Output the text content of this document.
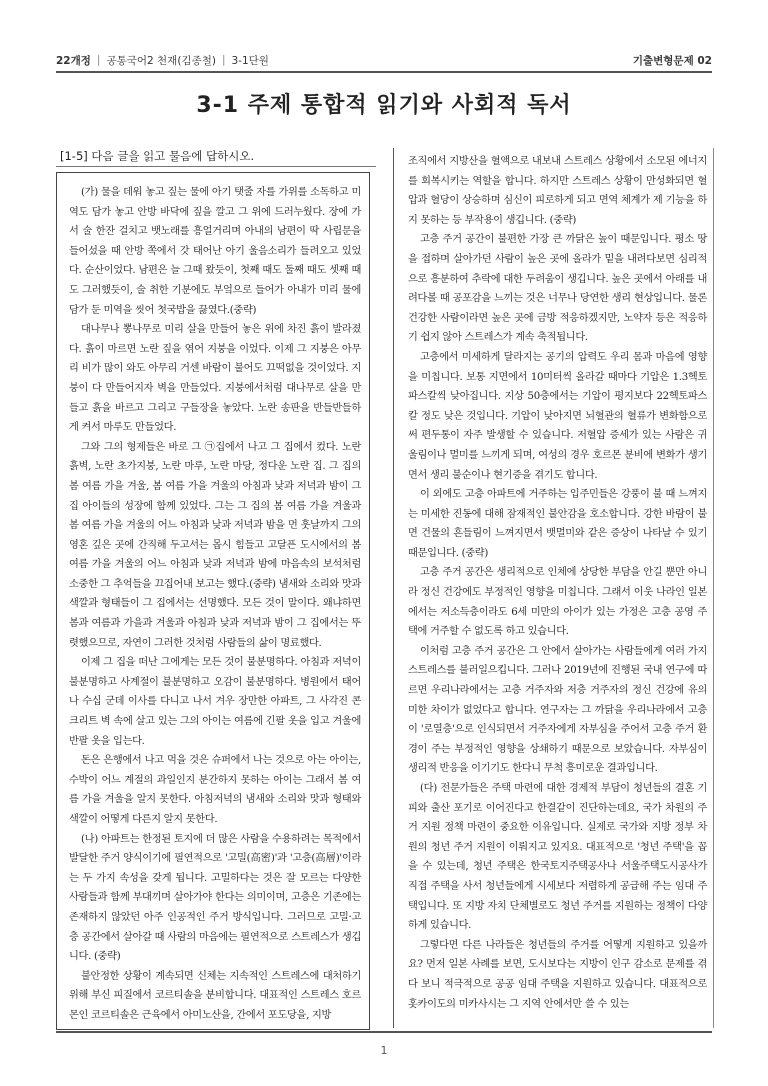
22개정 | 공통국어2 천재(김종철) | 3-1단원	기출변형문제 02
3-1 주제 통합적 읽기와 사회적 독서
[1-5] 다음 글을 읽고 물음에 답하시오.

(가) 물을 데워 놓고 짚는 물에 아기 탯줄 자를 가위를 소독하고 미역도 담가 놓고 안방 바닥에 짚을 깔고 그 위에 드러누웠다. 장에 가서 술 한잔 걸치고 뱃노래를 흥얼거리며 아내의 남편이 딱 사립문을 들어섰을 때 안방 쪽에서 갓 태어난 아기 울음소리가 들려오고 있었다. 순산이었다. 남편은 늘 그때 왔듯이, 첫째 때도 둘째 때도 셋째 때도 그러했듯이, 술 취한 기분에도 부엌으로 들어가 아내가 미리 물에 담가 둔 미역을 씻어 첫국밥을 끓였다.(중략)

대나무나 뽕나무로 미리 살을 만들어 놓은 위에 차진 흙이 발라졌다. 흙이 마르면 노란 짚을 엮어 지붕을 이었다. 이제 그 지붕은 아무리 비가 많이 와도 아무리 거센 바람이 불어도 끄떡없을 것이었다. 지붕이 다 만들어지자 벽을 만들었다. 지붕에서처럼 대나무로 살을 만들고 흙을 바르고 그리고 구들장을 놓았다. 노란 송판을 반들반들하게 켜서 마루도 만들었다.

그와 그의 형제들은 바로 그 ㉠집에서 나고 그 집에서 컸다. 노란 흙벽, 노란 초가지붕, 노란 마루, 노란 마당, 정다운 노란 집. 그 집의 봄 여름 가을 겨울, 봄 여름 가을 겨울의 아침과 낮과 저녁과 밤이 그 집 아이들의 성장에 함께 있었다. 그는 그 집의 봄 여름 가을 겨울과 봄 여름 가을 겨울의 어느 아침과 낮과 저녁과 밤을 먼 훗날까지 그의 영혼 깊은 곳에 간직해 두고서는 몹시 힘들고 고달픈 도시에서의 봄 여름 가을 겨울의 어느 아침과 낮과 저녁과 밤에 마음속의 보석처럼 소중한 그 추억들을 끄집어내 보고는 했다.(중략) 냄새와 소리와 맛과 색깔과 형태들이 그 집에서는 선명했다. 모든 것이 말이다. 왜냐하면 봄과 여름과 가을과 겨울과 아침과 낮과 저녁과 밤이 그 집에서는 뚜렷했으므로, 자연이 그러한 것처럼 사람들의 삶이 명료했다.

이제 그 집을 떠난 그에게는 모든 것이 불분명하다. 아침과 저녁이 불분명하고 사계절이 불분명하고 오감이 불분명하다. 병원에서 태어나 수십 군데 이사를 다니고 나서 겨우 장만한 아파트, 그 사각진 콘크리트 벽 속에 살고 있는 그의 아이는 여름에 긴팔 옷을 입고 겨울에 반팔 옷을 입는다.

돈은 은행에서 나고 먹을 것은 슈퍼에서 나는 것으로 아는 아이는, 수박이 어느 계절의 과일인지 분간하지 못하는 아이는 그래서 봄 여름 가을 겨울을 알지 못한다. 아침저녁의 냄새와 소리와 맛과 형태와 색깔이 어떻게 다른지 알지 못한다.

(나) 아파트는 한정된 토지에 더 많은 사람을 수용하려는 목적에서 발달한 주거 양식이기에 필연적으로 '고밀(高密)'과 '고층(高層)'이라는 두 가지 속성을 갖게 됩니다. 고밀하다는 것은 잘 모르는 다양한 사람들과 함께 부대끼며 살아가야 한다는 의미이며, 고층은 기존에는 존재하지 않았던 아주 인공적인 주거 방식입니다. 그러므로 고밀·고층 공간에서 살아갈 때 사람의 마음에는 필연적으로 스트레스가 생깁니다. (중략)

불안정한 상황이 계속되면 신체는 지속적인 스트레스에 대처하기 위해 부신 피질에서 코르티솔을 분비합니다. 대표적인 스트레스 호르몬인 코르티솔은 근육에서 아미노산을, 간에서 포도당을, 지방

조직에서 지방산을 혈액으로 내보내 스트레스 상황에서 소모된 에너지를 회복시키는 역할을 합니다. 하지만 스트레스 상황이 만성화되면 혈압과 혈당이 상승하며 심신이 피로하게 되고 면역 체계가 제 기능을 하지 못하는 등 부작용이 생깁니다. (중략)

고층 주거 공간이 불편한 가장 큰 까닭은 높이 때문입니다. 평소 땅을 접하며 살아가던 사람이 높은 곳에 올라가 밑을 내려다보면 심리적으로 흥분하여 추락에 대한 두려움이 생깁니다. 높은 곳에서 아래를 내려다볼 때 공포감을 느끼는 것은 너무나 당연한 생리 현상입니다. 물론 건강한 사람이라면 높은 곳에 금방 적응하겠지만, 노약자 등은 적응하기 쉽지 않아 스트레스가 계속 축적됩니다.

고층에서 미세하게 달라지는 공기의 압력도 우리 몸과 마음에 영향을 미칩니다. 보통 지면에서 10미터씩 올라갈 때마다 기압은 1.3헥토파스칼씩 낮아집니다. 지상 50층에서는 기압이 평지보다 22헥토파스칼 정도 낮은 것입니다. 기압이 낮아지면 뇌혈관의 혈류가 변화함으로써 편두통이 자주 발생할 수 있습니다. 저혈압 증세가 있는 사람은 귀울림이나 멀미를 느끼게 되며, 여성의 경우 호르몬 분비에 변화가 생기면서 생리 불순이나 현기증을 겪기도 합니다.

이 외에도 고층 아파트에 거주하는 입주민들은 강풍이 불 때 느껴지는 미세한 진동에 대해 잠재적인 불안감을 호소합니다. 강한 바람이 불면 건물의 흔들림이 느껴지면서 뱃멀미와 같은 증상이 나타날 수 있기 때문입니다. (중략)

고층 주거 공간은 생리적으로 인체에 상당한 부담을 안길 뿐만 아니라 정신 건강에도 부정적인 영향을 미칩니다. 그래서 이웃 나라인 일본에서는 저소득층이라도 6세 미만의 아이가 있는 가정은 고층 공영 주택에 거주할 수 없도록 하고 있습니다.

이처럼 고층 주거 공간은 그 안에서 살아가는 사람들에게 여러 가지 스트레스를 불러일으킵니다. 그러나 2019년에 진행된 국내 연구에 따르면 우리나라에서는 고층 거주자와 저층 거주자의 정신 건강에 유의미한 차이가 없었다고 합니다. 연구자는 그 까닭을 우리나라에서 고층이 '로열층'으로 인식되면서 거주자에게 자부심을 주어서 고층 주거 환경이 주는 부정적인 영향을 상쇄하기 때문으로 보았습니다. 자부심이 생리적 반응을 이기기도 한다니 무척 흥미로운 결과입니다.

(다) 전문가들은 주택 마련에 대한 경제적 부담이 청년들의 결혼 기피와 출산 포기로 이어진다고 한결같이 진단하는데요, 국가 차원의 주거 지원 정책 마련이 중요한 이유입니다. 실제로 국가와 지방 정부 차원의 청년 주거 지원이 이뤄지고 있지요. 대표적으로 '청년 주택'을 꼽을 수 있는데, 청년 주택은 한국토지주택공사나 서울주택도시공사가 직접 주택을 사서 청년들에게 시세보다 저렴하게 공급해 주는 임대 주택입니다. 또 지방 자치 단체별로도 청년 주거를 지원하는 정책이 다양하게 있습니다.

그렇다면 다른 나라들은 청년들의 주거를 어떻게 지원하고 있을까요? 먼저 일본 사례를 보면, 도시보다는 지방이 인구 감소로 문제를 겪다 보니 적극적으로 공공 임대 주택을 지원하고 있습니다. 대표적으로 홋카이도의 미카사시는 그 지역 안에서만 쓸 수 있는

1
